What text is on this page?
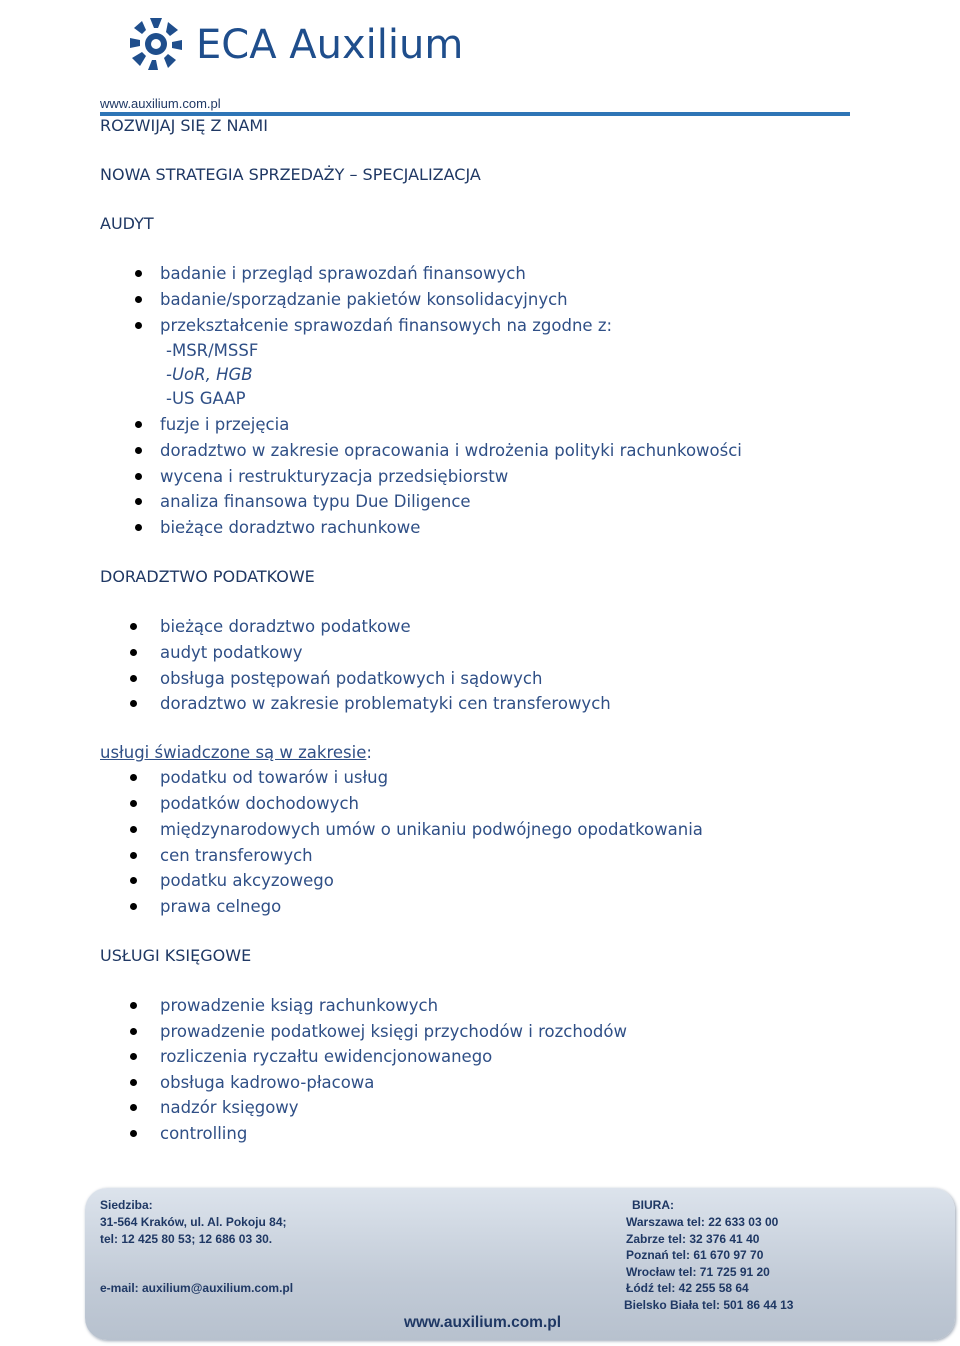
ECA Auxilium
www.auxilium.com.pl
ROZWIJAJ SIĘ Z NAMI
NOWA STRATEGIA SPRZEDAŻY – SPECJALIZACJA
AUDYT
badanie i przegląd sprawozdań finansowych
badanie/sporządzanie pakietów konsolidacyjnych
przekształcenie sprawozdań finansowych na zgodne z:
-MSR/MSSF
-UoR, HGB
-US GAAP
fuzje i przejęcia
doradztwo w zakresie opracowania i wdrożenia polityki rachunkowości
wycena i restrukturyzacja przedsiębiorstw
analiza finansowa typu Due Diligence
bieżące doradztwo rachunkowe
DORADZTWO PODATKOWE
bieżące doradztwo podatkowe
audyt podatkowy
obsługa postępowań podatkowych i sądowych
doradztwo w zakresie problematyki cen transferowych
usługi świadczone są w zakresie:
podatku od towarów i usług
podatków dochodowych
międzynarodowych umów o unikaniu podwójnego opodatkowania
cen transferowych
podatku akcyzowego
prawa celnego
USŁUGI KSIĘGOWE
prowadzenie ksiąg rachunkowych
prowadzenie podatkowej księgi przychodów i rozchodów
rozliczenia ryczałtu ewidencjonowanego
obsługa kadrowo-płacowa
nadzór księgowy
controlling
Siedziba:
31-564 Kraków, ul. Al. Pokoju 84;
tel: 12 425 80 53; 12 686 03 30.
e-mail: auxilium@auxilium.com.pl
BIURA:
Warszawa tel: 22 633 03 00
Zabrze tel: 32 376 41 40
Poznań tel: 61 670 97 70
Wrocław tel: 71 725 91 20
Łódź tel: 42 255 58 64
Bielsko Biała tel: 501 86 44 13
www.auxilium.com.pl
